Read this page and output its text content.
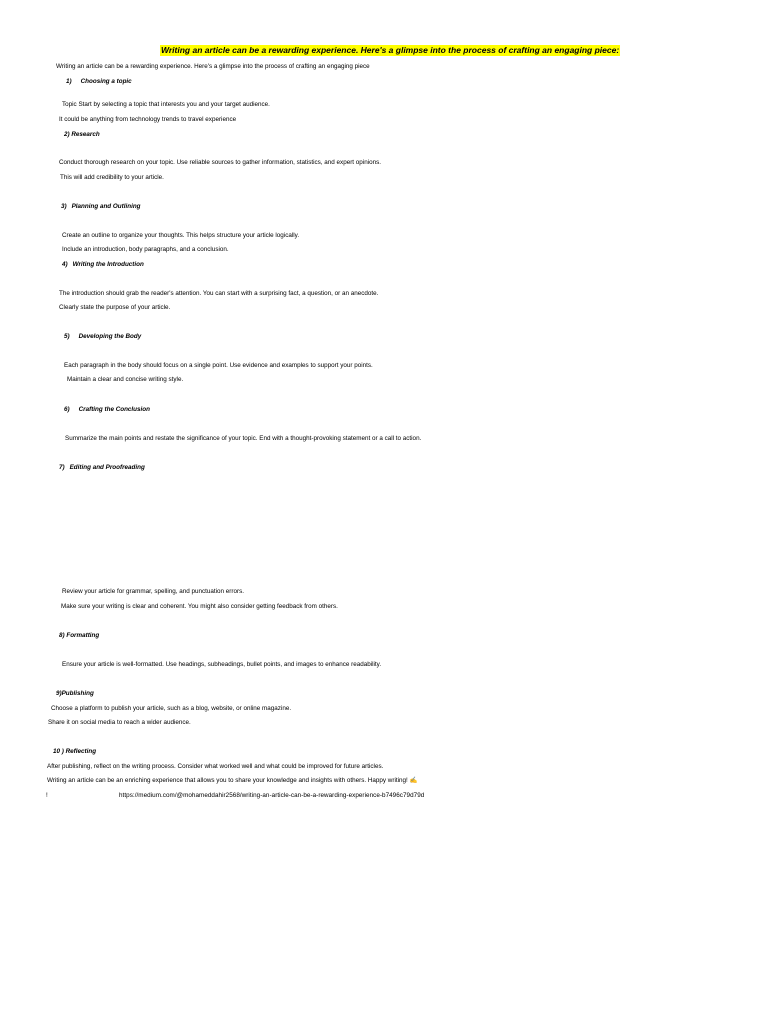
Writing an article can be a rewarding experience. Here's a glimpse into the process of crafting an engaging piece:
Writing an article can be a rewarding experience. Here's a glimpse into the process of crafting an engaging piece
1) Choosing a topic
Topic Start by selecting a topic that interests you and your target audience.
It could be anything from technology trends to travel experience
2) Research
Conduct thorough research on your topic. Use reliable sources to gather information, statistics, and expert opinions.
This will add credibility to your article.
3) Planning and Outlining
Create an outline to organize your thoughts. This helps structure your article logically.
Include an introduction, body paragraphs, and a conclusion.
4) Writing the Introduction
The introduction should grab the reader's attention. You can start with a surprising fact, a question, or an anecdote.
Clearly state the purpose of your article.
5) Developing the Body
Each paragraph in the body should focus on a single point. Use evidence and examples to support your points.
Maintain a clear and concise writing style.
6) Crafting the Conclusion
Summarize the main points and restate the significance of your topic. End with a thought-provoking statement or a call to action.
7) Editing and Proofreading
Review your article for grammar, spelling, and punctuation errors.
Make sure your writing is clear and coherent. You might also consider getting feedback from others.
8) Formatting
Ensure your article is well-formatted. Use headings, subheadings, bullet points, and images to enhance readability.
9)Publishing
Choose a platform to publish your article, such as a blog, website, or online magazine.
Share it on social media to reach a wider audience.
10 ) Reflecting
After publishing, reflect on the writing process. Consider what worked well and what could be improved for future articles.
Writing an article can be an enriching experience that allows you to share your knowledge and insights with others. Happy writing! ✍️
!	https://medium.com/@mohameddahir2568/writing-an-article-can-be-a-rewarding-experience-b7496c79d79d
